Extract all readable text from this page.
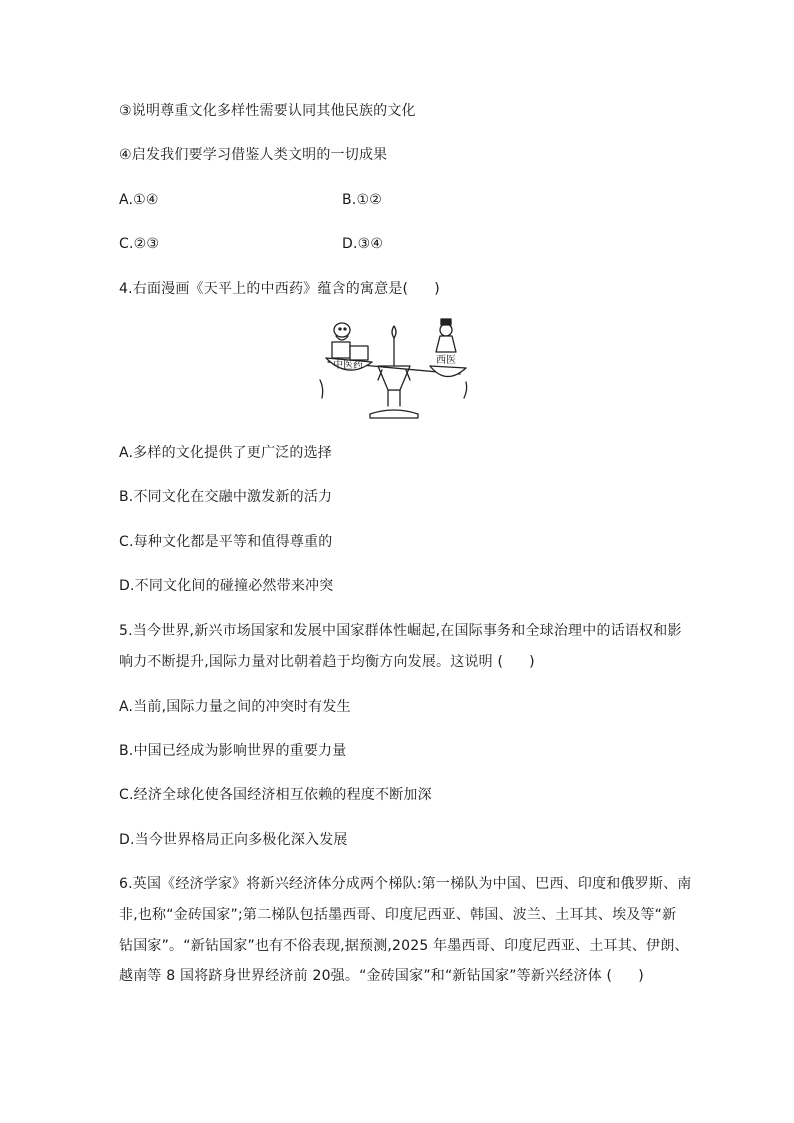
③说明尊重文化多样性需要认同其他民族的文化
④启发我们要学习借鉴人类文明的一切成果
A.①④	B.①②
C.②③	D.③④
4.右面漫画《天平上的中西药》蕴含的寓意是( )
中医药	西医
A.多样的文化提供了更广泛的选择
B.不同文化在交融中激发新的活力
C.每种文化都是平等和值得尊重的
D.不同文化间的碰撞必然带来冲突
5.当今世界,新兴市场国家和发展中国家群体性崛起,在国际事务和全球治理中的话语权和影
响力不断提升,国际力量对比朝着趋于均衡方向发展。这说明 ( )
A.当前,国际力量之间的冲突时有发生
B.中国已经成为影响世界的重要力量
C.经济全球化使各国经济相互依赖的程度不断加深
D.当今世界格局正向多极化深入发展
6.英国《经济学家》将新兴经济体分成两个梯队:第一梯队为中国、巴西、印度和俄罗斯、南
非,也称“金砖国家”;第二梯队包括墨西哥、印度尼西亚、韩国、波兰、土耳其、埃及等“新
钻国家”。“新钻国家”也有不俗表现,据预测,2025 年墨西哥、印度尼西亚、土耳其、伊朗、
越南等 8 国将跻身世界经济前 20强。“金砖国家”和“新钻国家”等新兴经济体 ( )
